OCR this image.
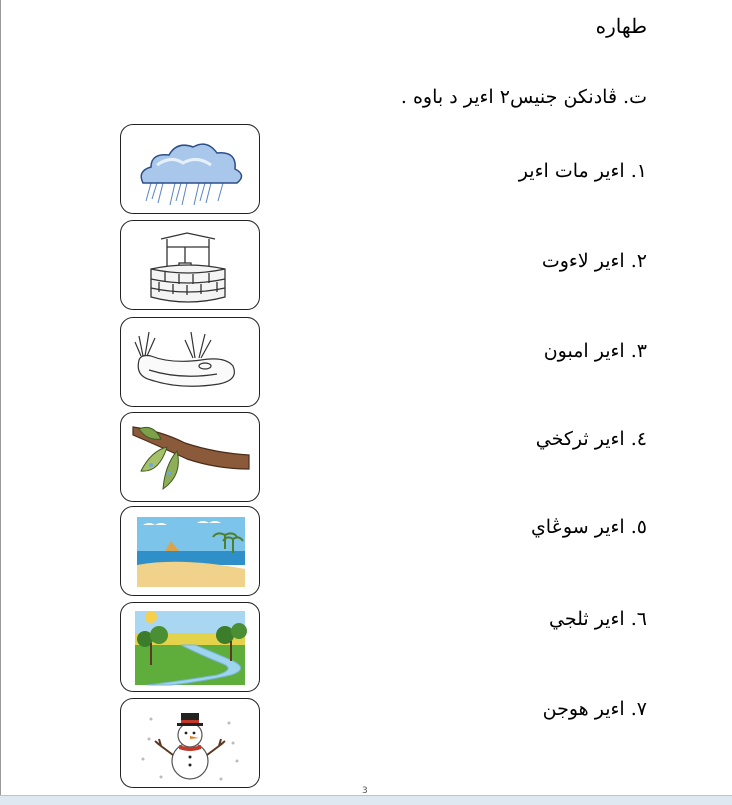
طهاره
ت. ڤادنکن جنيس٢ اءير د باوه .
١. اءير مات اءير
٢. اءير لاءوت
٣. اءير امبون
٤. اءير ثرکخي
٥. اءير سوڠاي
٦. اءير ثلجي
٧. اءير هوجن
3
